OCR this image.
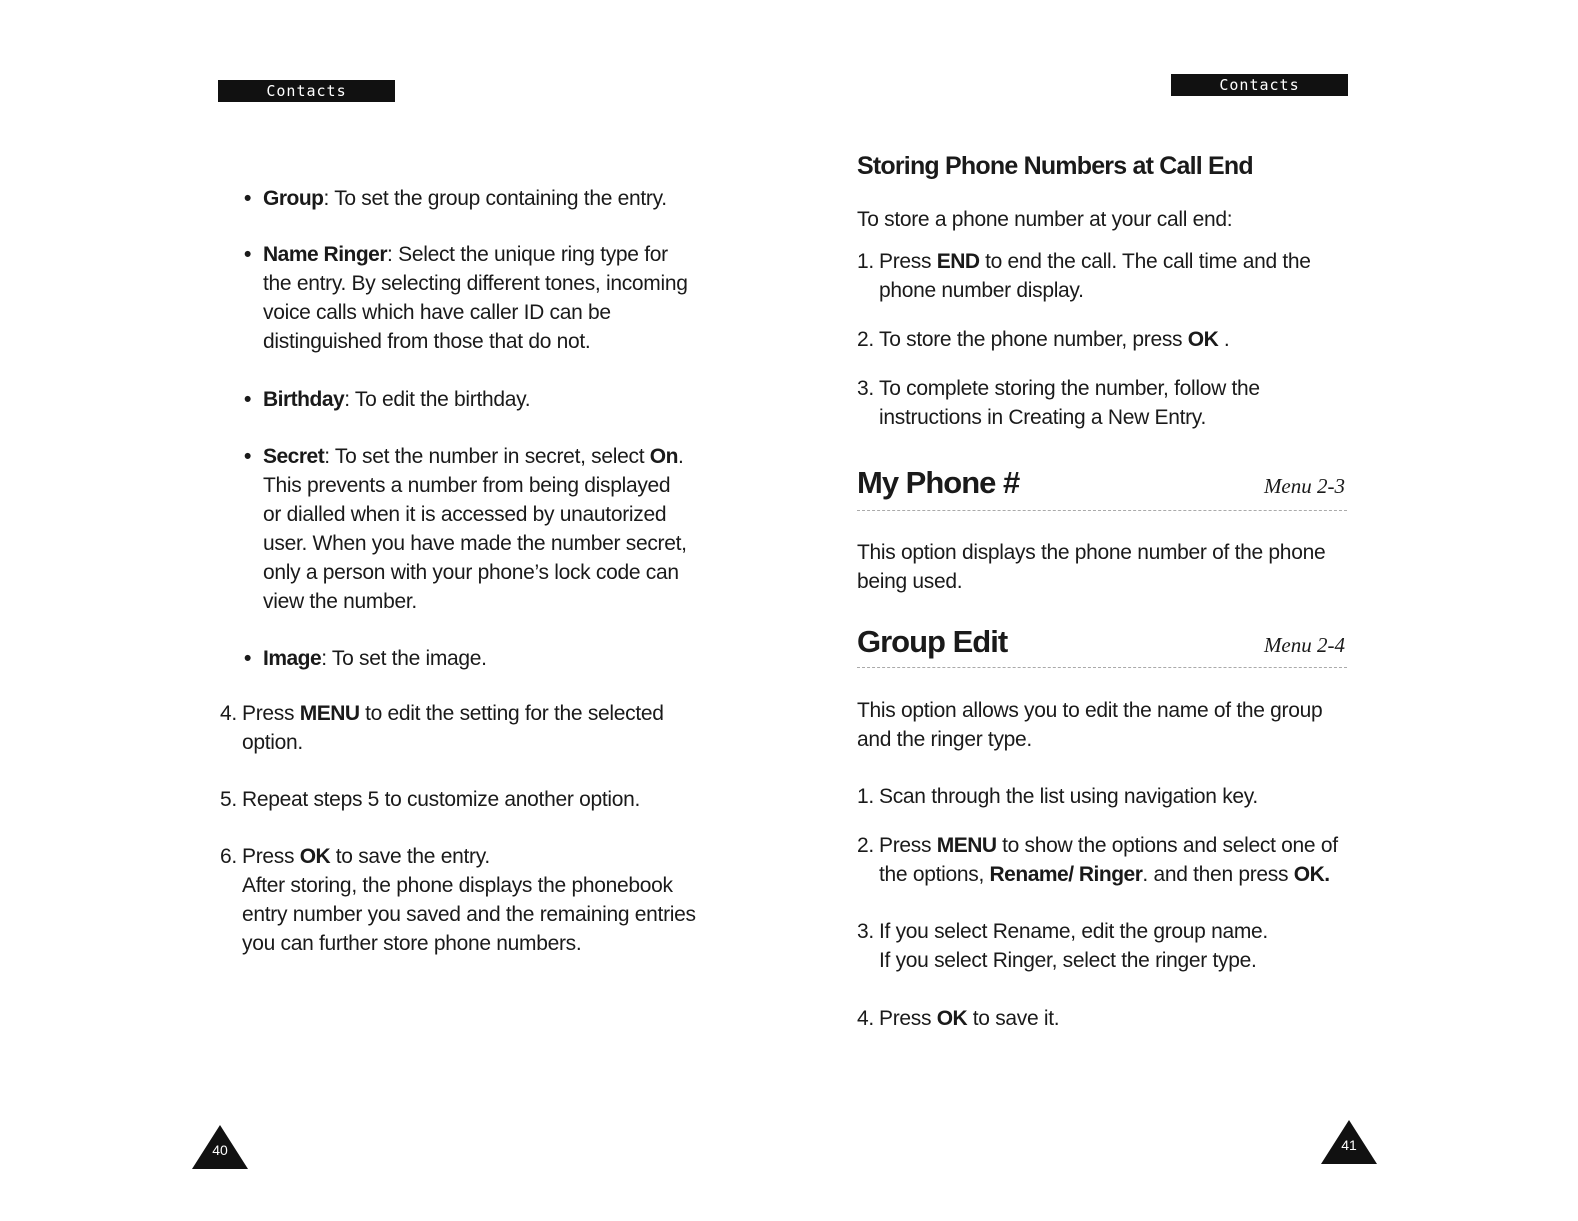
Contacts
• Group: To set the group containing the entry.
• Name Ringer: Select the unique ring type for the entry. By selecting different tones, incoming voice calls which have caller ID can be distinguished from those that do not.
• Birthday: To edit the birthday.
• Secret: To set the number in secret, select On. This prevents a number from being displayed or dialled when it is accessed by unautorized user. When you have made the number secret, only a person with your phone’s lock code can view the number.
• Image: To set the image.
4. Press MENU to edit the setting for the selected option.
5. Repeat steps 5 to customize another option.
6. Press OK to save the entry.
After storing, the phone displays the phonebook entry number you saved and the remaining entries you can further store phone numbers.
40
Contacts
Storing Phone Numbers at Call End
To store a phone number at your call end:
1. Press END to end the call. The call time and the phone number display.
2. To store the phone number, press OK .
3. To complete storing the number, follow the instructions in Creating a New Entry.
My Phone #	Menu 2-3
This option displays the phone number of the phone being used.
Group Edit	Menu 2-4
This option allows you to edit the name of the group and the ringer type.
1. Scan through the list using navigation key.
2. Press MENU to show the options and select one of the options, Rename/ Ringer. and then press OK.
3. If you select Rename, edit the group name.
If you select Ringer, select the ringer type.
4. Press OK to save it.
41
